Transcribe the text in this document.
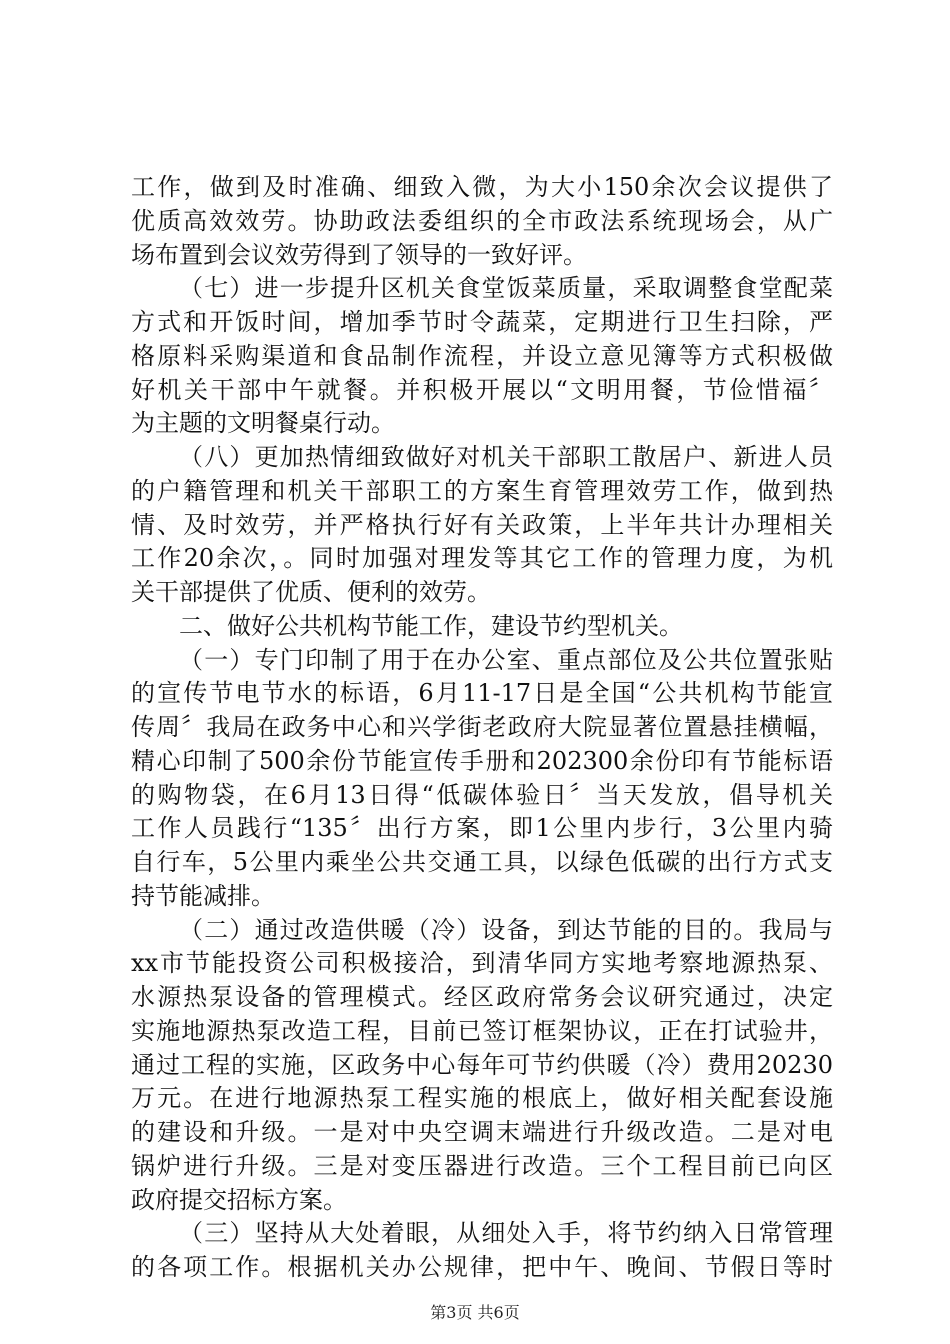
工作，做到及时准确、细致入微，为大小150余次会议提供了
优质高效效劳。协助政法委组织的全市政法系统现场会，从广
场布置到会议效劳得到了领导的一致好评。
（七）进一步提升区机关食堂饭菜质量，采取调整食堂配菜
方式和开饭时间，增加季节时令蔬菜，定期进行卫生扫除，严
格原料采购渠道和食品制作流程，并设立意见簿等方式积极做
好机关干部中午就餐。并积极开展以“文明用餐，节俭惜福〞
为主题的文明餐桌行动。
（八）更加热情细致做好对机关干部职工散居户、新进人员
的户籍管理和机关干部职工的方案生育管理效劳工作，做到热
情、及时效劳，并严格执行好有关政策，上半年共计办理相关
工作20余次，。同时加强对理发等其它工作的管理力度，为机
关干部提供了优质、便利的效劳。
二、做好公共机构节能工作，建设节约型机关。
（一）专门印制了用于在办公室、重点部位及公共位置张贴
的宣传节电节水的标语，6月11-17日是全国“公共机构节能宣
传周〞我局在政务中心和兴学街老政府大院显著位置悬挂横幅，
精心印制了500余份节能宣传手册和202300余份印有节能标语
的购物袋，在6月13日得“低碳体验日〞当天发放，倡导机关
工作人员践行“135〞出行方案，即1公里内步行，3公里内骑
自行车，5公里内乘坐公共交通工具，以绿色低碳的出行方式支
持节能减排。
（二）通过改造供暖（冷）设备，到达节能的目的。我局与
xx市节能投资公司积极接洽，到清华同方实地考察地源热泵、
水源热泵设备的管理模式。经区政府常务会议研究通过，决定
实施地源热泵改造工程，目前已签订框架协议，正在打试验井，
通过工程的实施，区政务中心每年可节约供暖（冷）费用20230
万元。在进行地源热泵工程实施的根底上，做好相关配套设施
的建设和升级。一是对中央空调末端进行升级改造。二是对电
锅炉进行升级。三是对变压器进行改造。三个工程目前已向区
政府提交招标方案。
（三）坚持从大处着眼，从细处入手，将节约纳入日常管理
的各项工作。根据机关办公规律，把中午、晚间、节假日等时
第3页 共6页
